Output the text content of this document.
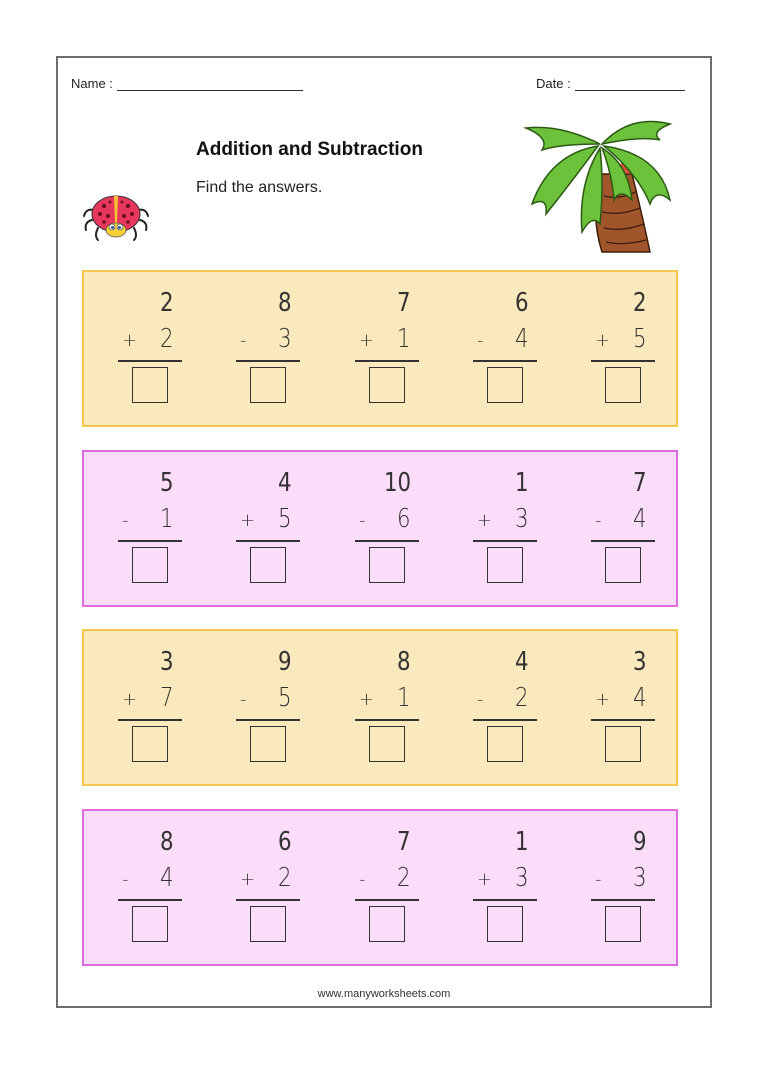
Name :	Date :
Addition and Subtraction
Find the answers.
2
+ 2
8
- 3
7
+ 1
6
- 4
2
+ 5
5
- 1
4
+ 5
10
- 6
1
+ 3
7
- 4
3
+ 7
9
- 5
8
+ 1
4
- 2
3
+ 4
8
- 4
6
+ 2
7
- 2
1
+ 3
9
- 3
www.manyworksheets.com
